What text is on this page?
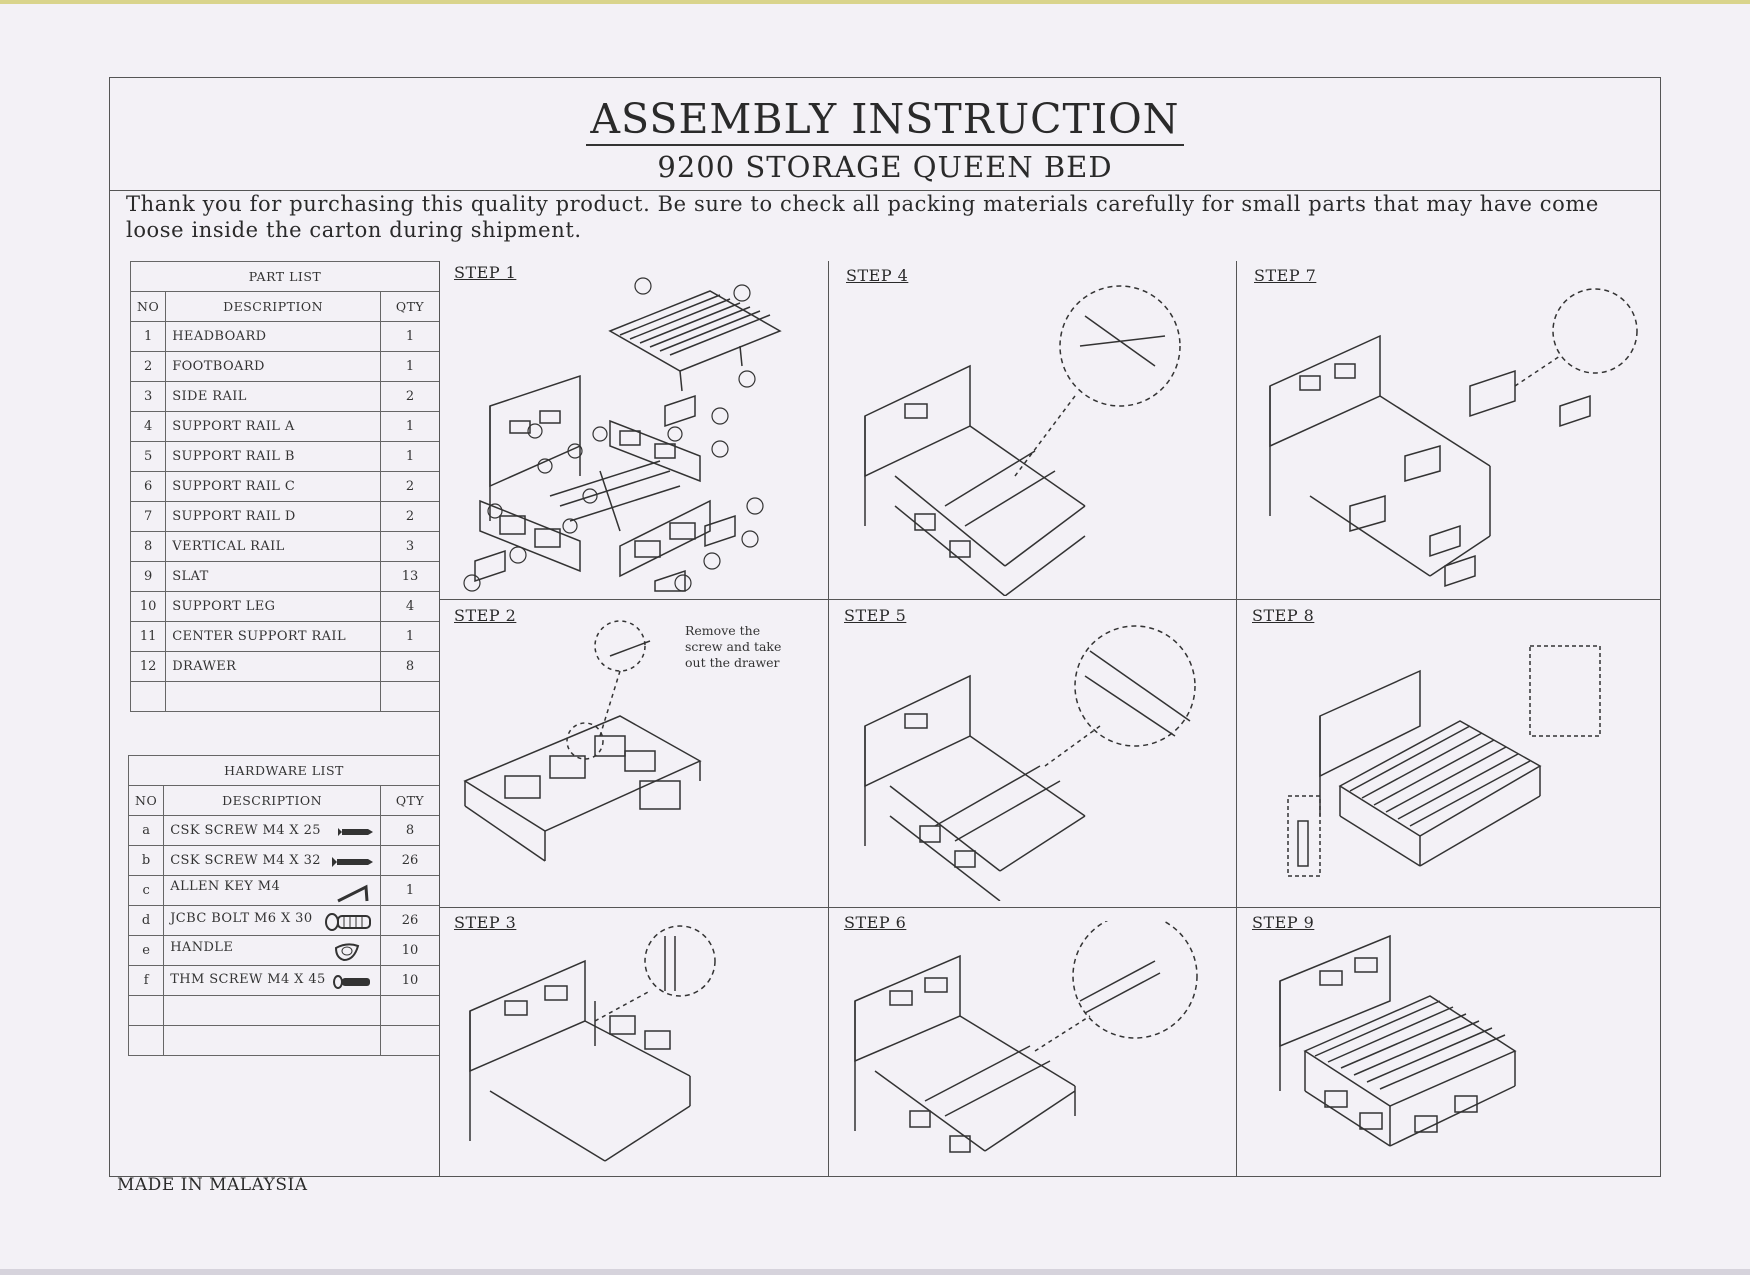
ASSEMBLY INSTRUCTION
9200 STORAGE QUEEN BED
Thank you for purchasing this quality product. Be sure to check all packing materials carefully for small parts that may have come loose inside the carton during shipment.
PART LIST		
NO	DESCRIPTION	QTY
1	HEADBOARD	1
2	FOOTBOARD	1
3	SIDE RAIL	2
4	SUPPORT RAIL A	1
5	SUPPORT RAIL B	1
6	SUPPORT RAIL C	2
7	SUPPORT RAIL D	2
8	VERTICAL RAIL	3
9	SLAT	13
10	SUPPORT LEG	4
11	CENTER SUPPORT RAIL	1
12	DRAWER	8

HARDWARE LIST		
NO	DESCRIPTION	QTY
a	CSK SCREW M4 X 25	8
b	CSK SCREW M4 X 32	26
c	ALLEN KEY M4	1
d	JCBC BOLT M6 X 30	26
e	HANDLE	10
f	THM SCREW M4 X 45	10

STEP 1	STEP 4	STEP 7
STEP 2
Remove the
screw and take
out the drawer
STEP 5	STEP 8
STEP 3	STEP 6	STEP 9
MADE IN MALAYSIA
